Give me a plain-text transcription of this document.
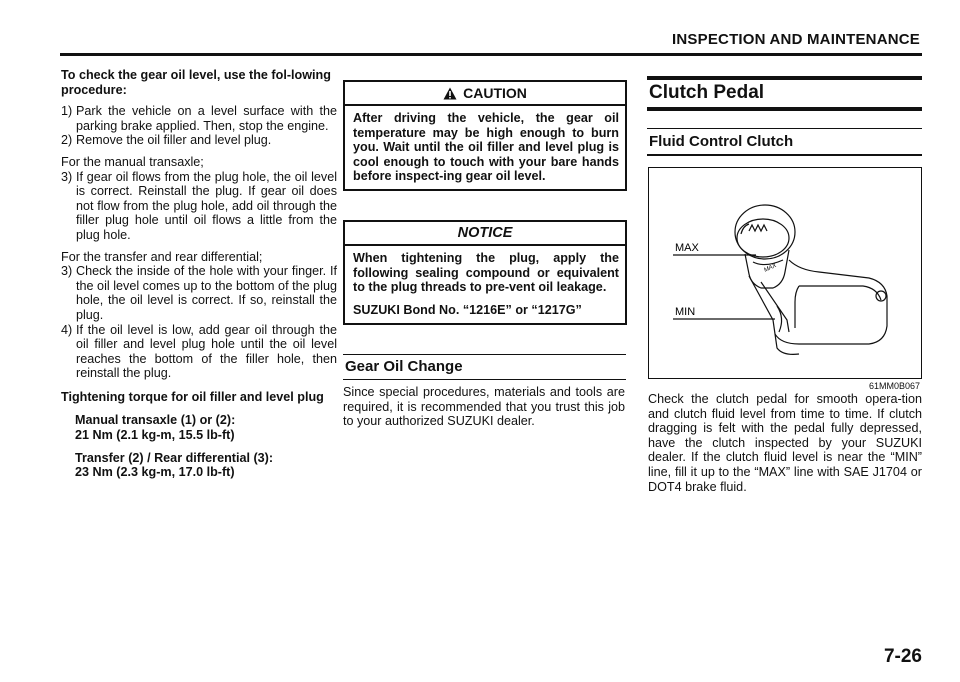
INSPECTION AND MAINTENANCE

To check the gear oil level, use the fol-lowing procedure:

1) Park the vehicle on a level surface with the parking brake applied. Then, stop the engine.
2) Remove the oil filler and level plug.

For the manual transaxle;

3) If gear oil flows from the plug hole, the oil level is correct. Reinstall the plug. If gear oil does not flow from the plug hole, add oil through the filler plug hole until oil flows a little from the plug hole.

For the transfer and rear differential;

3) Check the inside of the hole with your finger. If the oil level comes up to the bottom of the plug hole, the oil level is correct. If so, reinstall the plug.
4) If the oil level is low, add gear oil through the oil filler and level plug hole until the oil level reaches the bottom of the filler hole, then reinstall the plug.

Tightening torque for oil filler and level plug

Manual transaxle (1) or (2):
21 Nm (2.1 kg-m, 15.5 lb-ft)
Transfer (2) / Rear differential (3):
23 Nm (2.3 kg-m, 17.0 lb-ft)
CAUTION
After driving the vehicle, the gear oil temperature may be high enough to burn you. Wait until the oil filler and level plug is cool enough to touch with your bare hands before inspect-ing gear oil level.
NOTICE

When tightening the plug, apply the following sealing compound or equivalent to the plug threads to pre-vent oil leakage.

SUZUKI Bond No. “1216E” or “1217G”

Gear Oil Change
Since special procedures, materials and tools are required, it is recommended that you trust this job to your authorized SUZUKI dealer.
Clutch Pedal
Fluid Control Clutch
MAX
MAX
MIN
61MM0B067
Check the clutch pedal for smooth opera-tion and clutch fluid level from time to time. If clutch dragging is felt with the pedal fully depressed, have the clutch inspected by your SUZUKI dealer. If the clutch fluid level is near the “MIN” line, fill it up to the “MAX” line with SAE J1704 or DOT4 brake fluid.
7-26
